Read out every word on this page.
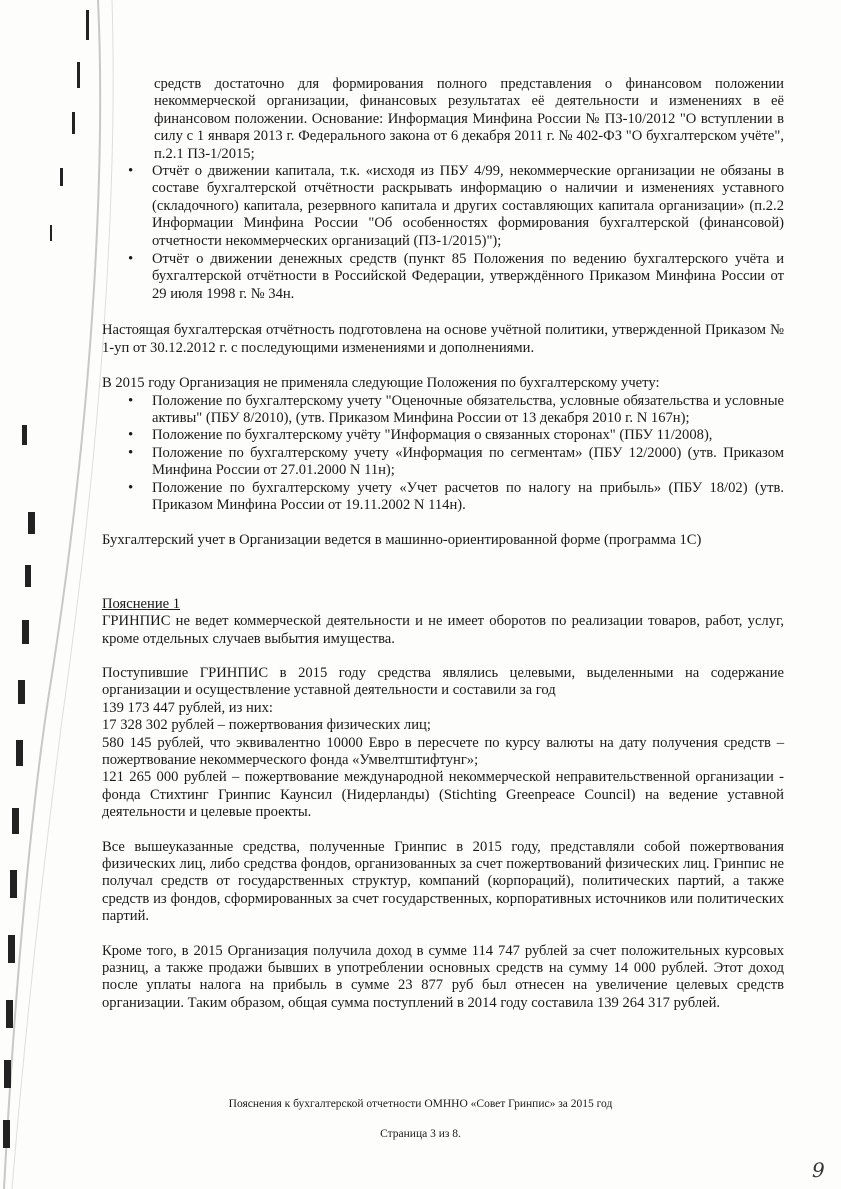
средств достаточно для формирования полного представления о финансовом положении некоммерческой организации, финансовых результатах её деятельности и изменениях в её финансовом положении. Основание: Информация Минфина России № ПЗ-10/2012 "О вступлении в силу с 1 января 2013 г. Федерального закона от 6 декабря 2011 г. № 402-ФЗ "О бухгалтерском учёте", п.2.1 ПЗ-1/2015;

• Отчёт о движении капитала, т.к. «исходя из ПБУ 4/99, некоммерческие организации не обязаны в составе бухгалтерской отчётности раскрывать информацию о наличии и изменениях уставного (складочного) капитала, резервного капитала и других составляющих капитала организации» (п.2.2 Информации Минфина России "Об особенностях формирования бухгалтерской (финансовой) отчетности некоммерческих организаций (ПЗ-1/2015)");
• Отчёт о движении денежных средств (пункт 85 Положения по ведению бухгалтерского учёта и бухгалтерской отчётности в Российской Федерации, утверждённого Приказом Минфина России от 29 июля 1998 г. № 34н.

Настоящая бухгалтерская отчётность подготовлена на основе учётной политики, утвержденной Приказом № 1-уп от 30.12.2012 г. с последующими изменениями и дополнениями.

В 2015 году Организация не применяла следующие Положения по бухгалтерскому учету:

• Положение по бухгалтерскому учету "Оценочные обязательства, условные обязательства и условные активы" (ПБУ 8/2010), (утв. Приказом Минфина России от 13 декабря 2010 г. N 167н);
• Положение по бухгалтерскому учёту "Информация о связанных сторонах" (ПБУ 11/2008),
• Положение по бухгалтерскому учету «Информация по сегментам» (ПБУ 12/2000) (утв. Приказом Минфина России от 27.01.2000 N 11н);
• Положение по бухгалтерскому учету «Учет расчетов по налогу на прибыль» (ПБУ 18/02) (утв. Приказом Минфина России от 19.11.2002 N 114н).

Бухгалтерский учет в Организации ведется в машинно-ориентированной форме (программа 1С)

Пояснение 1

ГРИНПИС не ведет коммерческой деятельности и не имеет оборотов по реализации товаров, работ, услуг, кроме отдельных случаев выбытия имущества.

Поступившие ГРИНПИС в 2015 году средства являлись целевыми, выделенными на содержание организации и осуществление уставной деятельности и составили за год

139 173 447 рублей, из них:

17 328 302 рублей – пожертвования физических лиц;

580 145 рублей, что эквивалентно 10000 Евро в пересчете по курсу валюты на дату получения средств – пожертвование некоммерческого фонда «Умвелтштифтунг»;

121 265 000 рублей – пожертвование международной некоммерческой неправительственной организации - фонда Стихтинг Гринпис Каунсил (Нидерланды) (Stichting Greenpeace Council) на ведение уставной деятельности и целевые проекты.

Все вышеуказанные средства, полученные Гринпис в 2015 году, представляли собой пожертвования физических лиц, либо средства фондов, организованных за счет пожертвований физических лиц. Гринпис не получал средств от государственных структур, компаний (корпораций), политических партий, а также средств из фондов, сформированных за счет государственных, корпоративных источников или политических партий.

Кроме того, в 2015 Организация получила доход в сумме 114 747 рублей за счет положительных курсовых разниц, а также продажи бывших в употреблении основных средств на сумму 14 000 рублей. Этот доход после уплаты налога на прибыль в сумме 23 877 руб был отнесен на увеличение целевых средств организации. Таким образом, общая сумма поступлений в 2014 году составила 139 264 317 рублей.

Пояснения к бухгалтерской отчетности ОМННО «Совет Гринпис» за 2015 год
Страница 3 из 8.
9
